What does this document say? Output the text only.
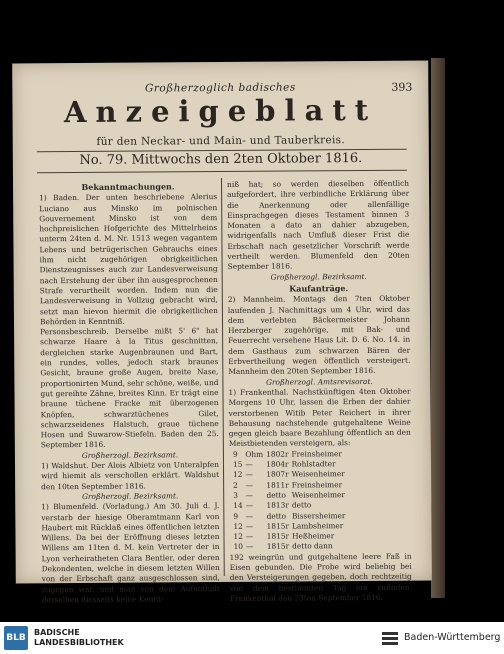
Großherzoglich badisches	393
Anzeigeblatt
für den Neckar- und Main- und Tauberkreis.
No. 79. Mittwochs den 2ten Oktober 1816.
Bekanntmachungen.

1) Baden. Der unten beschriebene Alerius Luciano aus Minsko im polnischen Gouvernement Minsko ist von dem hochpreislichen Hofgerichte des Mittelrheins unterm 24ten d. M. Nr. 1513 wegen vagantem Lebens und betrügerischen Gebrauchs eines ihm nicht zugehörigen obrigkeitlichen Dienstzeugnisses auch zur Landesverweisung nach Erstehung der über ihn ausgesprochenen Strafe verurtheilt worden. Indem nun die Landesverweisung in Vollzug gebracht wird, setzt man hievon hiermit die obrigkeitlichen Behörden in Kenntniß.

Personsbeschreib. Derselbe mißt 5' 6" hat schwarze Haare à la Titus geschnitten, dergleichen starke Augenbraunen und Bart, ein rundes, volles, jedoch stark braunes Gesicht, braune große Augen, breite Nase, proportionirten Mund, sehr schöne, weiße, und gut gereihte Zähne, breites Kinn. Er trägt eine braune tüchene Fracke mit überzogenen Knöpfen, schwarztüchenes Gilet, schwarzseidenes Halstuch, graue tüchene Hosen und Suwarow-Stiefeln. Baden den 25. September 1816.

Großherzogl. Bezirksamt.

1) Waldshut. Der Alois Albietz von Unteralpfen wird hiemit als verschollen erklärt. Waldshut den 10ten September 1816.

Großherzogl. Bezirksamt.

1) Blumenfeld. (Vorladung.) Am 30. Juli d. J. verstarb der hiesige Oberamtmann Karl von Haubert mit Rücklaß eines öffentlichen letzten Willens. Da bei der Eröffnung dieses letzten Willens am 11ten d. M. kein Vertreter der in Lyon verheiratheten Clara Bentler, oder deren Dekondenten, welche in diesem letzten Willen von der Erbschaft ganz ausgeschlossen sind, zugegen war, und man von dem Aufenthalt derselben diesseits keine Kennt-

niß hat; so werden dieselben öffentlich aufgefordert, ihre verbindliche Erklärung über die Anerkennung oder allenfällige Einsprachgegen dieses Testament binnen 3 Monaten a dato an dahier abzugeben, widrigenfalls nach Umfluß dieser Frist die Erbschaft nach gesetzlicher Vorschrift werde vertheilt werden. Blumenfeld den 20ten September 1816.

Großherzogl. Bezirksamt.
Kaufanträge.

2) Mannheim. Montags den 7ten Oktober laufenden J. Nachmittags um 4 Uhr, wird das dem verlebten Bäckermeister Johann Herzberger zugehörige, mit Bak- und Feuerrecht versehene Haus Lit. D. 6. No. 14. in dem Gasthaus zum schwarzen Bären der Erbvertheilung wegen öffentlich versteigert. Mannheim den 20ten September 1816.

Großherzogl. Amtsrevisorat.

1) Frankenthal. Nachstkünftigen 4ten Oktober Morgens 10 Uhr, lassen die Erben der dahier verstorbenen Witib Peter Reichert in ihrer Behausung nachstehende gutgehaltene Weine gegen gleich baare Bezahlung öffentlich an den Meistbietenden versteigern, als:

9	Ohm	1802r	Freinsheimer
15	—	1804r	Rohlstadter
12	—	1807r	Weisenheimer
2	—	1811r	Freinsheimer
3	—	detto	Weisenheimer
14	—	1813r	detto
9	—	detto	Bissersheimer
12	—	1815r	Lambsheimer
12	—	1815r	Heßheimer
10	—	1815r	detto dann

192 weingrün und gutgehaltene leere Faß in Eisen gebunden. Die Probe wird beliebig bei den Versteigerungen gegeben, doch rechtzeitig von dem bestimmten Tag ein zufinden. Frankenthal den 23ten September 1816.

BLB
BADISCHE
LANDESBIBLIOTHEK	Baden-Württemberg
